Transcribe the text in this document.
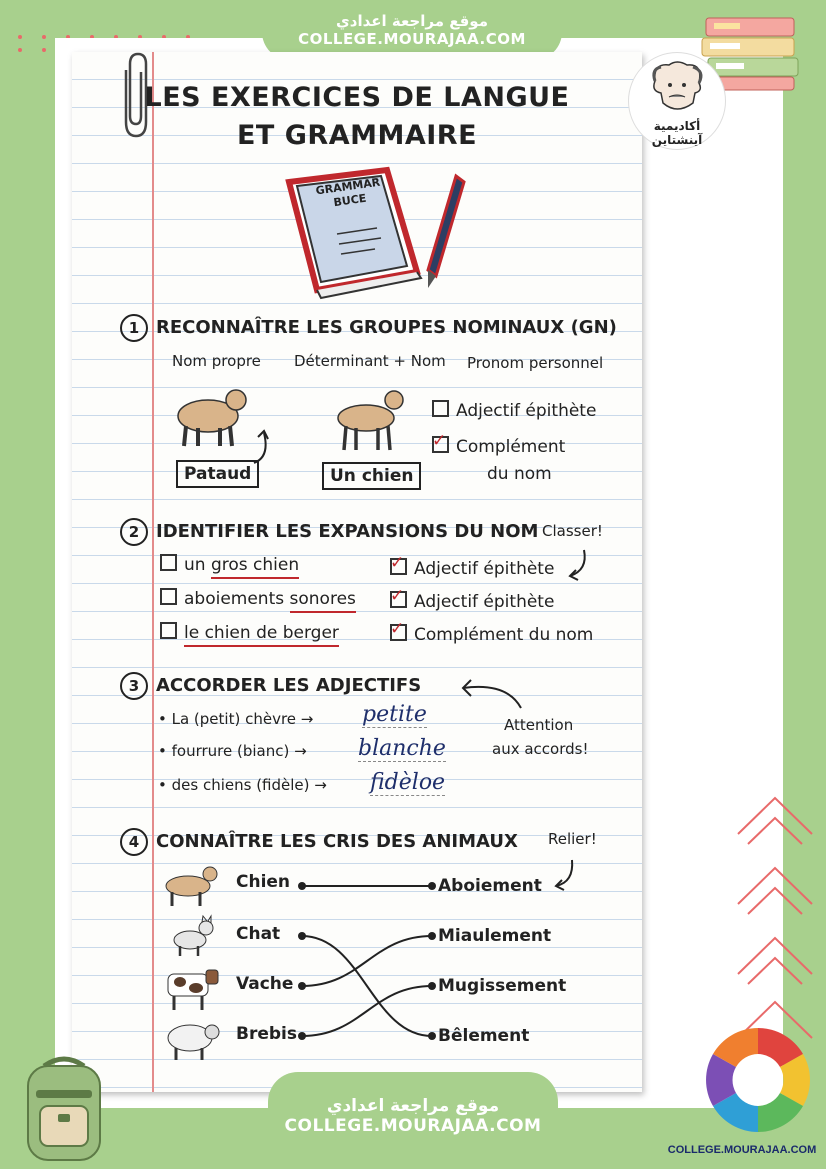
موقع مراجعة اعدادي
COLLEGE.MOURAJAA.COM
LES EXERCICES DE LANGUE
ET GRAMMAIRE
GRAMMAR BUCE
1 RECONNAÎTRE LES GROUPES NOMINAUX (GN)
Nom propre Déterminant + Nom Pronom personnel
Pataud	Un chien
Adjectif épithète
✓ Complément
du nom
2 IDENTIFIER LES EXPANSIONS DU NOM Classer!
un gros chien
aboiements sonores
le chien de berger
✓ Adjectif épithète
✓ Adjectif épithète
✓ Complément du nom
3 ACCORDER LES ADJECTIFS
Attention
aux accords!
• La (petit) chèvre → petite
• fourrure (bianc) → blanche
• des chiens (fidèle) → fidèloe
4 CONNAÎTRE LES CRIS DES ANIMAUX Relier!
Chien
Chat
Vache
Brebis
Aboiement
Miaulement
Mugissement
Bêlement
أكاديمية آينشتاين
موقع مراجعة اعدادي
COLLEGE.MOURAJAA.COM
COLLEGE.MOURAJAA.COM
